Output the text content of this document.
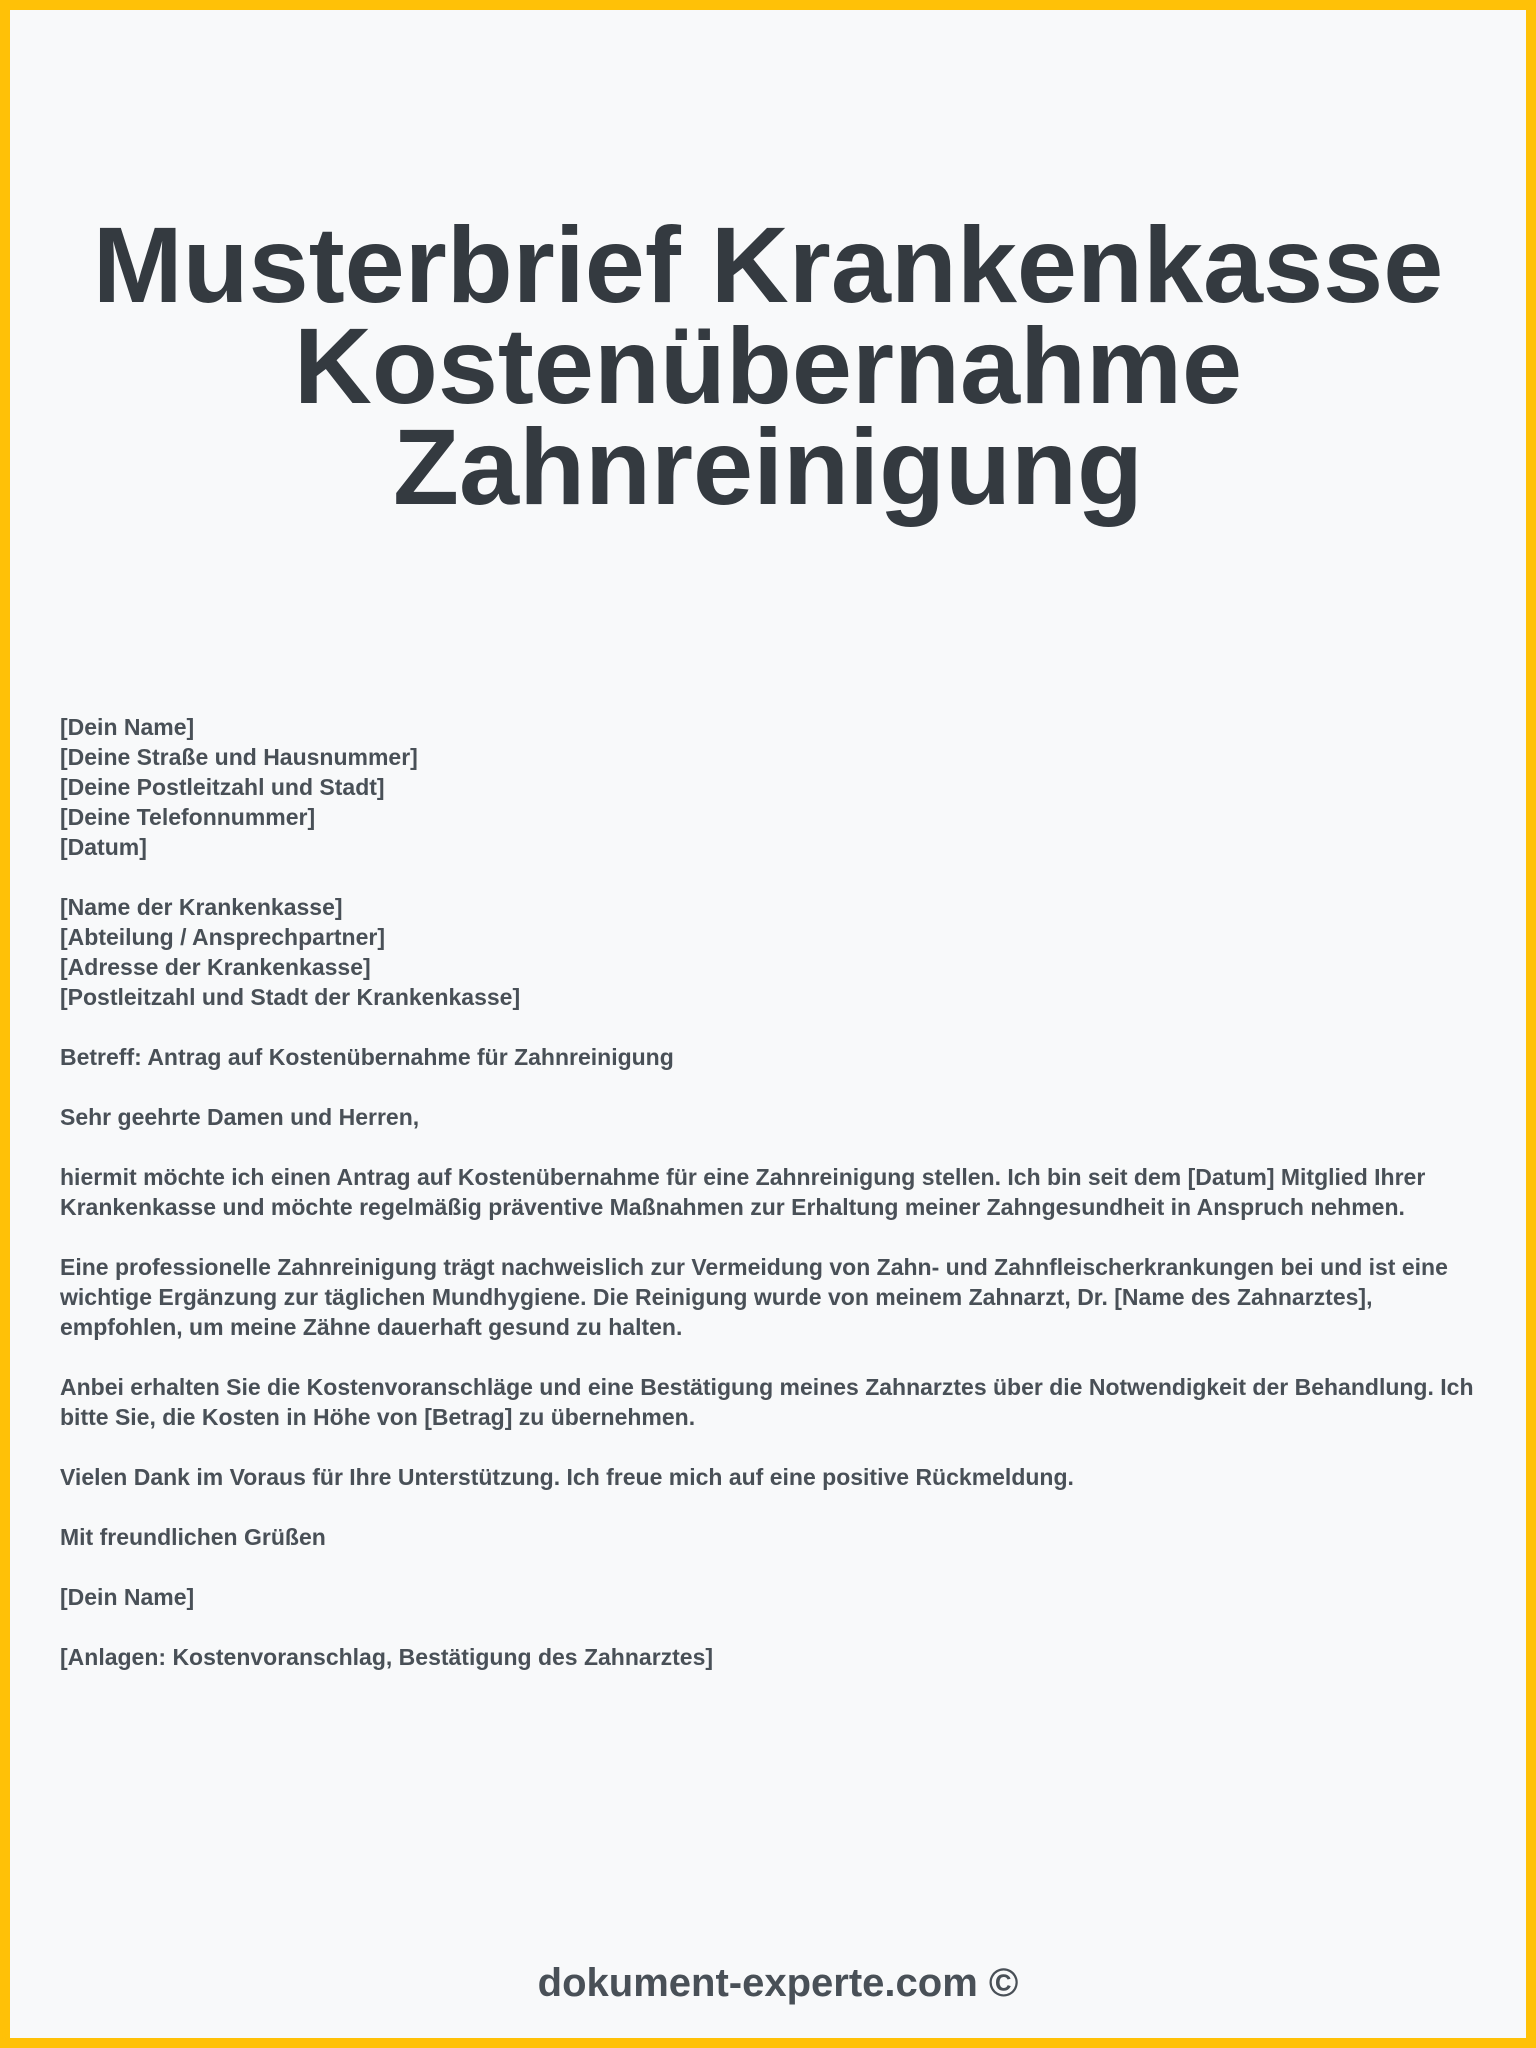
Musterbrief Krankenkasse
Kostenübernahme
Zahnreinigung
[Dein Name]
[Deine Straße und Hausnummer]
[Deine Postleitzahl und Stadt]
[Deine Telefonnummer]
[Datum]
[Name der Krankenkasse]
[Abteilung / Ansprechpartner]
[Adresse der Krankenkasse]
[Postleitzahl und Stadt der Krankenkasse]
Betreff: Antrag auf Kostenübernahme für Zahnreinigung
Sehr geehrte Damen und Herren,

hiermit möchte ich einen Antrag auf Kostenübernahme für eine Zahnreinigung stellen. Ich bin seit dem [Datum] Mitglied Ihrer Krankenkasse und möchte regelmäßig präventive Maßnahmen zur Erhaltung meiner Zahngesundheit in Anspruch nehmen.

Eine professionelle Zahnreinigung trägt nachweislich zur Vermeidung von Zahn- und Zahnfleischerkrankungen bei und ist eine wichtige Ergänzung zur täglichen Mundhygiene. Die Reinigung wurde von meinem Zahnarzt, Dr. [Name des Zahnarztes], empfohlen, um meine Zähne dauerhaft gesund zu halten.

Anbei erhalten Sie die Kostenvoranschläge und eine Bestätigung meines Zahnarztes über die Notwendigkeit der Behandlung. Ich bitte Sie, die Kosten in Höhe von [Betrag] zu übernehmen.

Vielen Dank im Voraus für Ihre Unterstützung. Ich freue mich auf eine positive Rückmeldung.

Mit freundlichen Grüßen
[Dein Name]
[Anlagen: Kostenvoranschlag, Bestätigung des Zahnarztes]
dokument-experte.com ©
